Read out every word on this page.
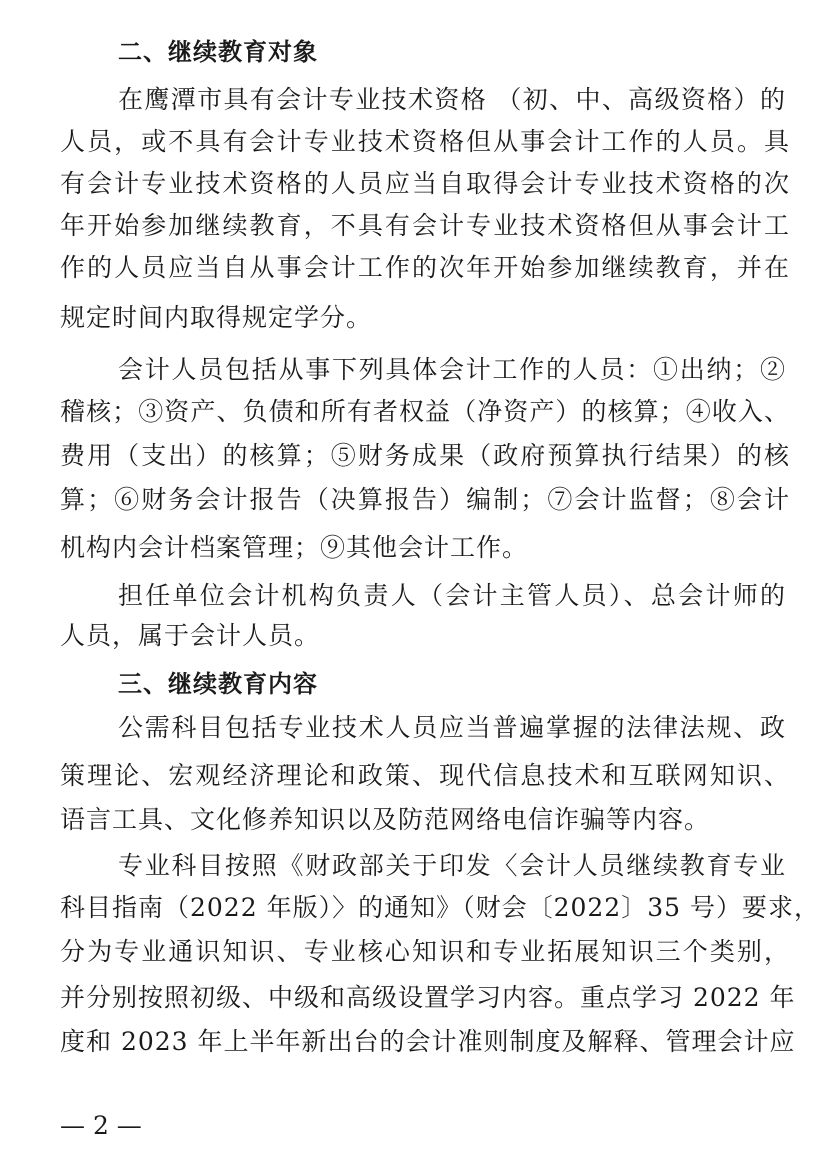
二、继续教育对象
在鹰潭市具有会计专业技术资格 （初、中、高级资格）的
人员，或不具有会计专业技术资格但从事会计工作的人员。具
有会计专业技术资格的人员应当自取得会计专业技术资格的次
年开始参加继续教育，不具有会计专业技术资格但从事会计工
作的人员应当自从事会计工作的次年开始参加继续教育，并在
规定时间内取得规定学分。
会计人员包括从事下列具体会计工作的人员：①出纳；②
稽核；③资产、负债和所有者权益（净资产）的核算；④收入、
费用（支出）的核算；⑤财务成果（政府预算执行结果）的核
算；⑥财务会计报告（决算报告）编制；⑦会计监督；⑧会计
机构内会计档案管理；⑨其他会计工作。
担任单位会计机构负责人（会计主管人员）、总会计师的
人员，属于会计人员。
三、继续教育内容
公需科目包括专业技术人员应当普遍掌握的法律法规、政
策理论、宏观经济理论和政策、现代信息技术和互联网知识、
语言工具、文化修养知识以及防范网络电信诈骗等内容。
专业科目按照《财政部关于印发〈会计人员继续教育专业
科目指南（2022 年版）〉的通知》（财会〔2022〕35 号）要求，
分为专业通识知识、专业核心知识和专业拓展知识三个类别，
并分别按照初级、中级和高级设置学习内容。重点学习 2022 年
度和 2023 年上半年新出台的会计准则制度及解释、管理会计应
— 2 —
